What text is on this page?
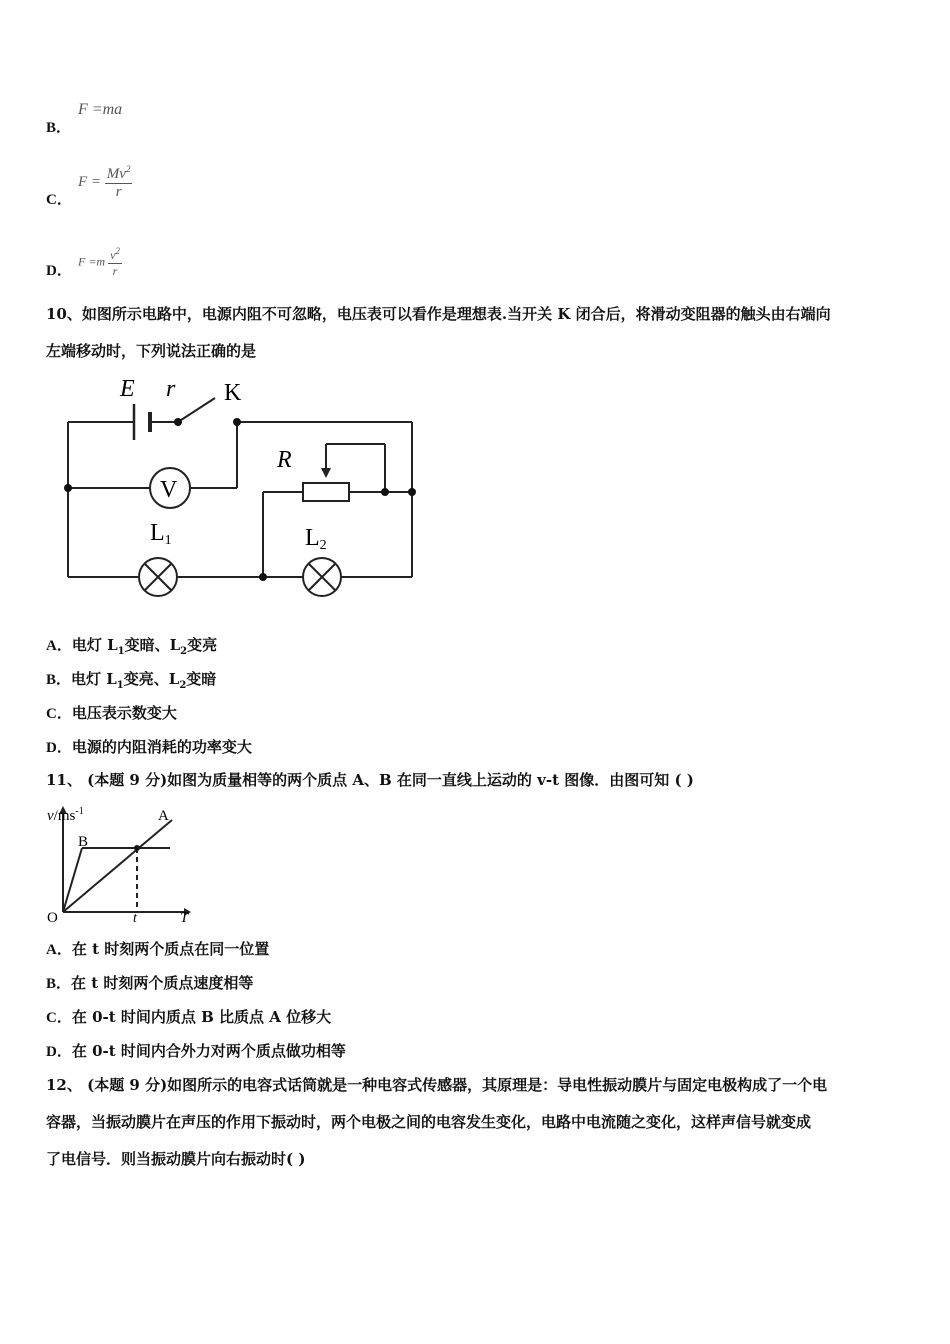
B．
F =ma
C．
$F = \frac{Mv^2}{r}$
D．
$F =m \frac{v^2}{r}$
10、如图所示电路中，电源内阻不可忽略，电压表可以看作是理想表.当开关 K 闭合后，将滑动变阻器的触头由右端向
左端移动时，下列说法正确的是
E r K
R
V
L1	L2
A．电灯 $L_1$变暗、$L_2$变亮
B．电灯 $L_1$变亮、$L_2$变暗
C．电压表示数变大
D．电源的内阻消耗的功率变大
11、 (本题 9 分)如图为质量相等的两个质点 A、B 在同一直线上运动的 v-t 图像．由图可知 ( )
$v/ms^{-1}$	A
B
O	t	T
A．在 t 时刻两个质点在同一位置
B．在 t 时刻两个质点速度相等
C．在 0-t 时间内质点 B 比质点 A 位移大
D．在 0-t 时间内合外力对两个质点做功相等
12、 (本题 9 分)如图所示的电容式话筒就是一种电容式传感器，其原理是：导电性振动膜片与固定电极构成了一个电
容器，当振动膜片在声压的作用下振动时，两个电极之间的电容发生变化，电路中电流随之变化，这样声信号就变成
了电信号．则当振动膜片向右振动时( )
